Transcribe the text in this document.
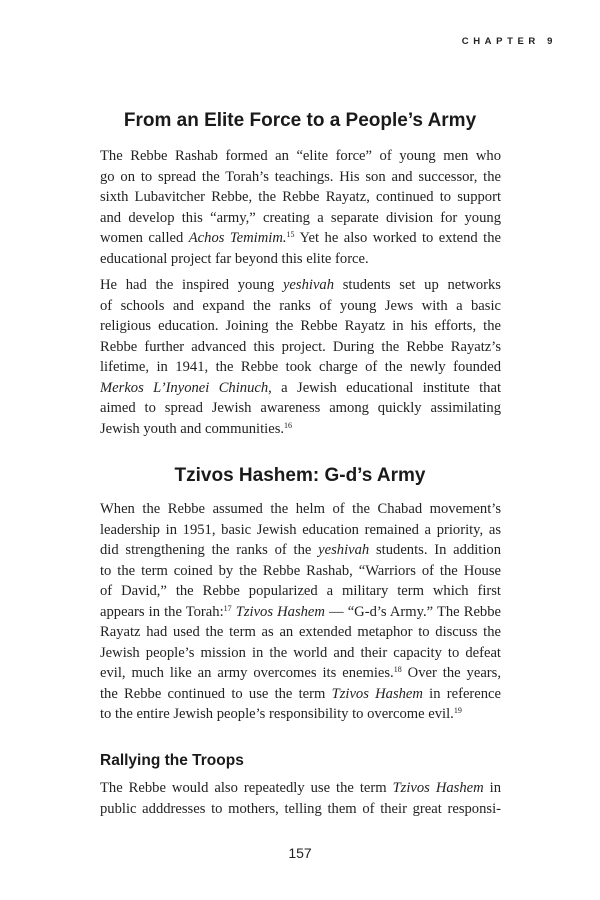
CHAPTER 9
From an Elite Force to a People’s Army
The Rebbe Rashab formed an “elite force” of young men who
go on to spread the Torah’s teachings. His son and successor, the
sixth Lubavitcher Rebbe, the Rebbe Rayatz, continued to support
and develop this “army,” creating a separate division for young
women called Achos Temimim.$^{15}$ Yet he also worked to extend the
educational project far beyond this elite force.
He had the inspired young yeshivah students set up networks
of schools and expand the ranks of young Jews with a basic
religious education. Joining the Rebbe Rayatz in his efforts, the
Rebbe further advanced this project. During the Rebbe Rayatz’s
lifetime, in 1941, the Rebbe took charge of the newly founded
Merkos L’Inyonei Chinuch, a Jewish educational institute that
aimed to spread Jewish awareness among quickly assimilating
Jewish youth and communities.$^{16}$
Tzivos Hashem: G-d’s Army
When the Rebbe assumed the helm of the Chabad movement’s
leadership in 1951, basic Jewish education remained a priority, as
did strengthening the ranks of the yeshivah students. In addition
to the term coined by the Rebbe Rashab, “Warriors of the House
of David,” the Rebbe popularized a military term which first
appears in the Torah:$^{17}$ Tzivos Hashem — “G-d’s Army.” The Rebbe
Rayatz had used the term as an extended metaphor to discuss the
Jewish people’s mission in the world and their capacity to defeat
evil, much like an army overcomes its enemies.$^{18}$ Over the years,
the Rebbe continued to use the term Tzivos Hashem in reference
to the entire Jewish people’s responsibility to overcome evil.$^{19}$
Rallying the Troops
The Rebbe would also repeatedly use the term Tzivos Hashem in
public adddresses to mothers, telling them of their great responsi-
157
